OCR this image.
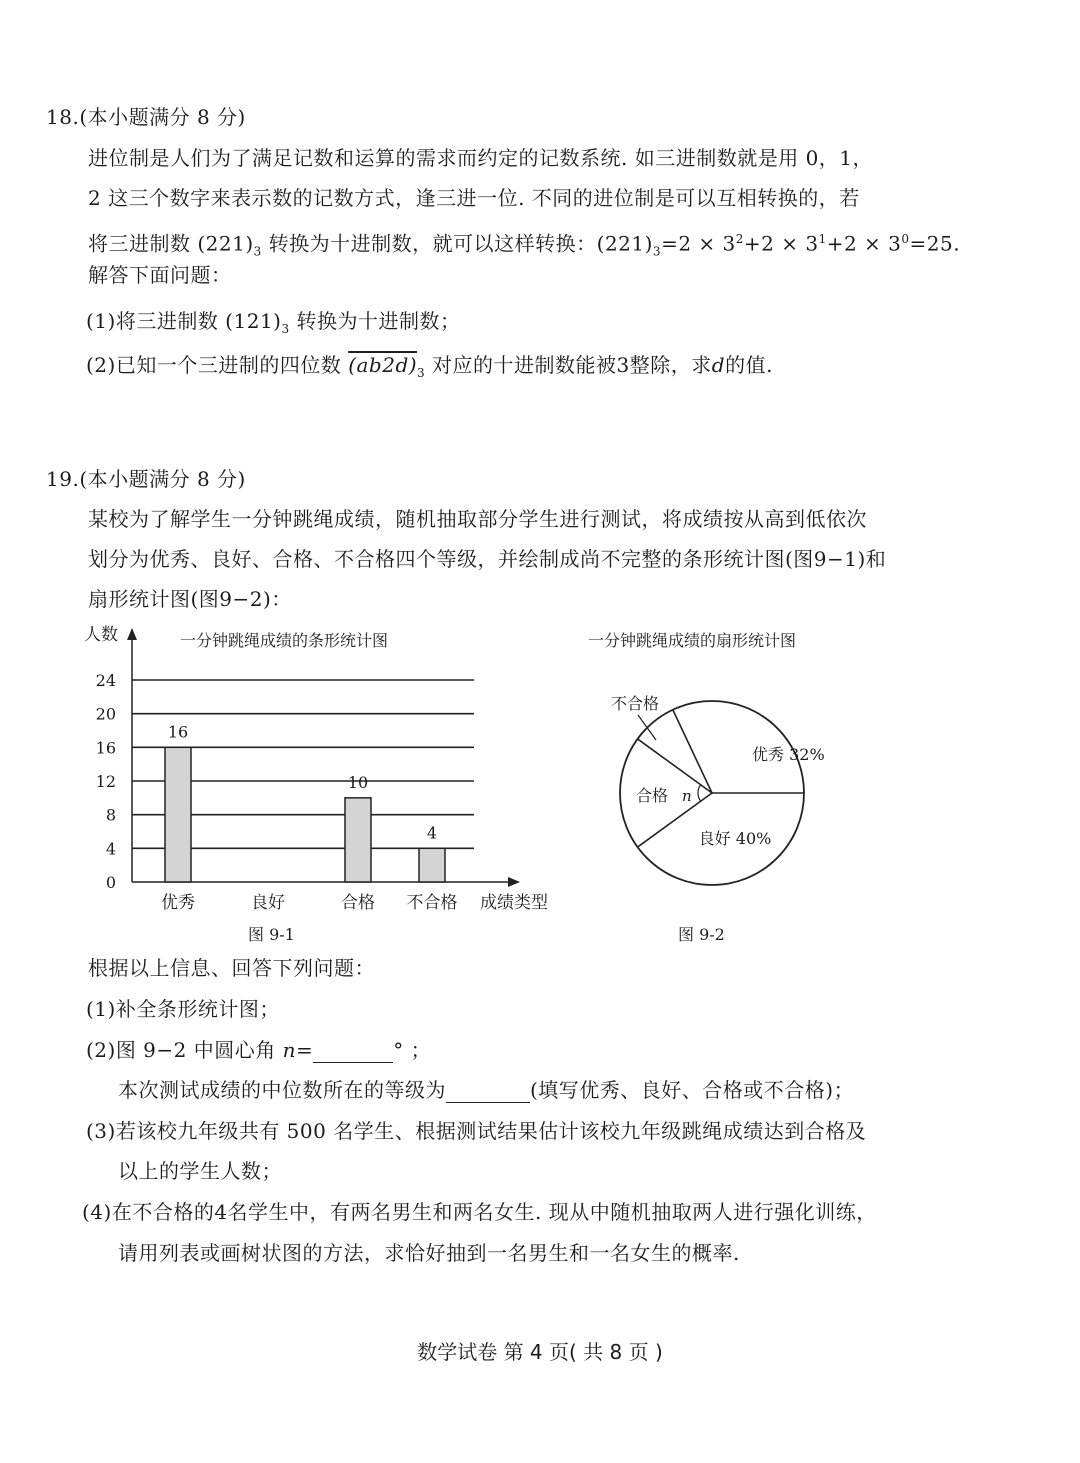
18.(本小题满分 8 分)
进位制是人们为了满足记数和运算的需求而约定的记数系统. 如三进制数就是用 0，1，
2 这三个数字来表示数的记数方式，逢三进一位. 不同的进位制是可以互相转换的，若
将三进制数 $(221)_3$ 转换为十进制数，就可以这样转换：$(221)_3=2 \times 3^2+2 \times 3^1+2 \times 3^0=25$.
解答下面问题：
(1)将三进制数 $(121)_3$ 转换为十进制数；
(2)已知一个三进制的四位数 $(ab2d)_3$ 对应的十进制数能被3整除，求d的值.
19.(本小题满分 8 分)
某校为了解学生一分钟跳绳成绩，随机抽取部分学生进行测试，将成绩按从高到低依次
划分为优秀、良好、合格、不合格四个等级，并绘制成尚不完整的条形统计图(图9−1)和
扇形统计图(图9−2)：
人数	一分钟跳绳成绩的条形统计图
0
4
8
12
16
20
24
16
10
4
优秀	良好	合格 不合格 成绩类型
图 9-1
一分钟跳绳成绩的扇形统计图
优秀 32%
良好 40%
合格
不合格
n
图 9-2
根据以上信息、回答下列问题：
(1)补全条形统计图；
(2)图 9−2 中圆心角 n=	° ；
本次测试成绩的中位数所在的等级为	(填写优秀、良好、合格或不合格)；
(3)若该校九年级共有 500 名学生、根据测试结果估计该校九年级跳绳成绩达到合格及
以上的学生人数；
(4)在不合格的4名学生中，有两名男生和两名女生. 现从中随机抽取两人进行强化训练，
请用列表或画树状图的方法，求恰好抽到一名男生和一名女生的概率.
数学试卷 第 4 页( 共 8 页 )
